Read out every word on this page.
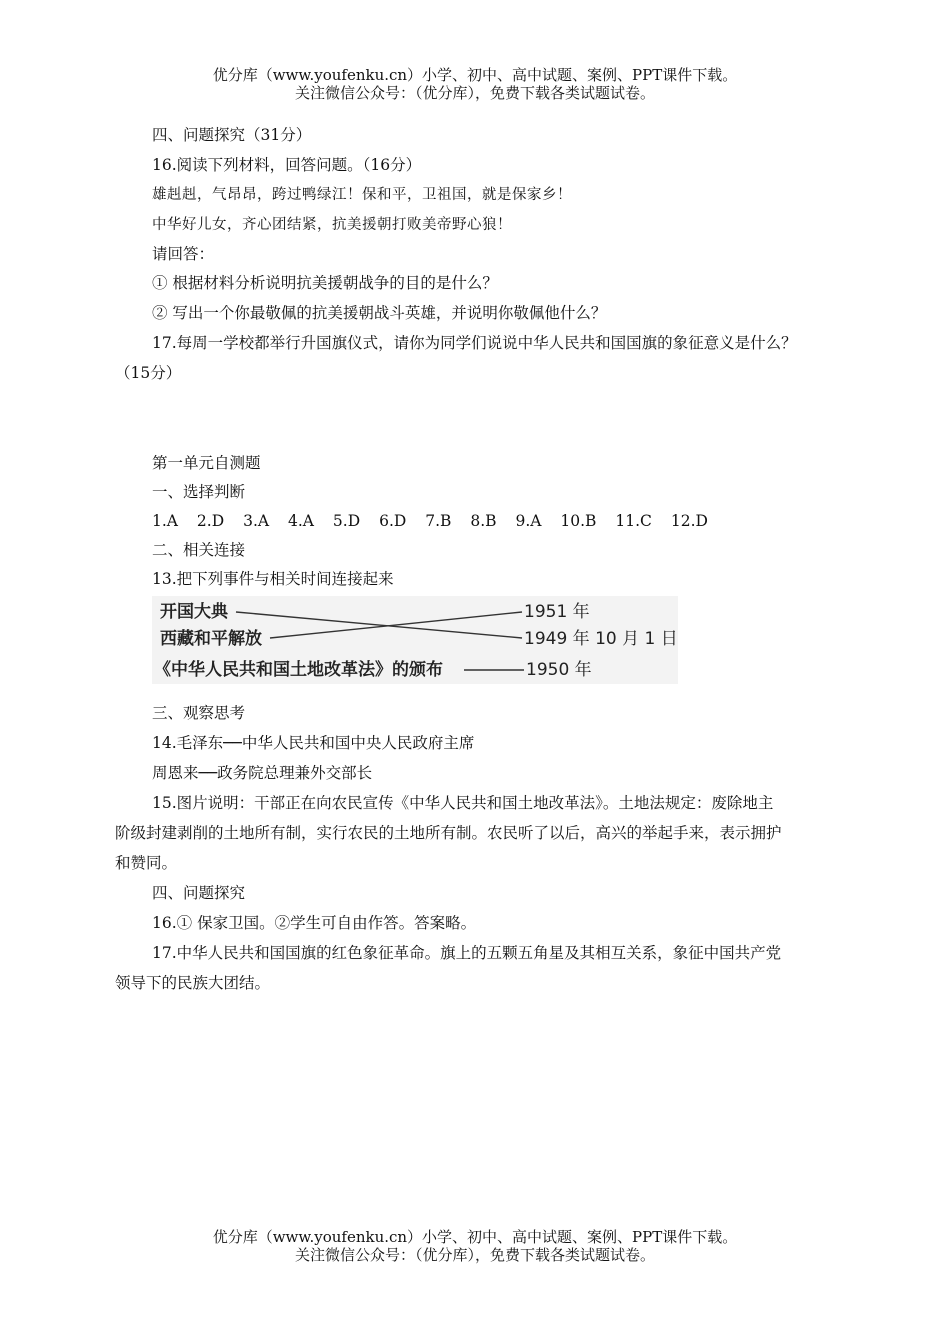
优分库（www.youfenku.cn）小学、初中、高中试题、案例、PPT课件下载。
关注微信公众号：（优分库），免费下载各类试题试卷。
四、问题探究（31分）
16.阅读下列材料，回答问题。（16分）
雄赳赳，气昂昂，跨过鸭绿江！保和平，卫祖国，就是保家乡！
中华好儿女，齐心团结紧，抗美援朝打败美帝野心狼！
请回答：
① 根据材料分析说明抗美援朝战争的目的是什么？
② 写出一个你最敬佩的抗美援朝战斗英雄，并说明你敬佩他什么？
17.每周一学校都举行升国旗仪式，请你为同学们说说中华人民共和国国旗的象征意义是什么？
（15分）
第一单元自测题
一、选择判断
1.A 2.D 3.A 4.A 5.D 6.D 7.B 8.B 9.A 10.B 11.C 12.D
二、相关连接
13.把下列事件与相关时间连接起来
开国大典
西藏和平解放
《中华人民共和国土地改革法》的颁布
1951 年
1949 年 10 月 1 日
1950 年
三、观察思考
14.毛泽东──中华人民共和国中央人民政府主席
周恩来──政务院总理兼外交部长
15.图片说明：干部正在向农民宣传《中华人民共和国土地改革法》。土地法规定：废除地主
阶级封建剥削的土地所有制，实行农民的土地所有制。农民听了以后，高兴的举起手来，表示拥护
和赞同。
四、问题探究
16.① 保家卫国。②学生可自由作答。答案略。
17.中华人民共和国国旗的红色象征革命。旗上的五颗五角星及其相互关系，象征中国共产党
领导下的民族大团结。
优分库（www.youfenku.cn）小学、初中、高中试题、案例、PPT课件下载。
关注微信公众号：（优分库），免费下载各类试题试卷。
